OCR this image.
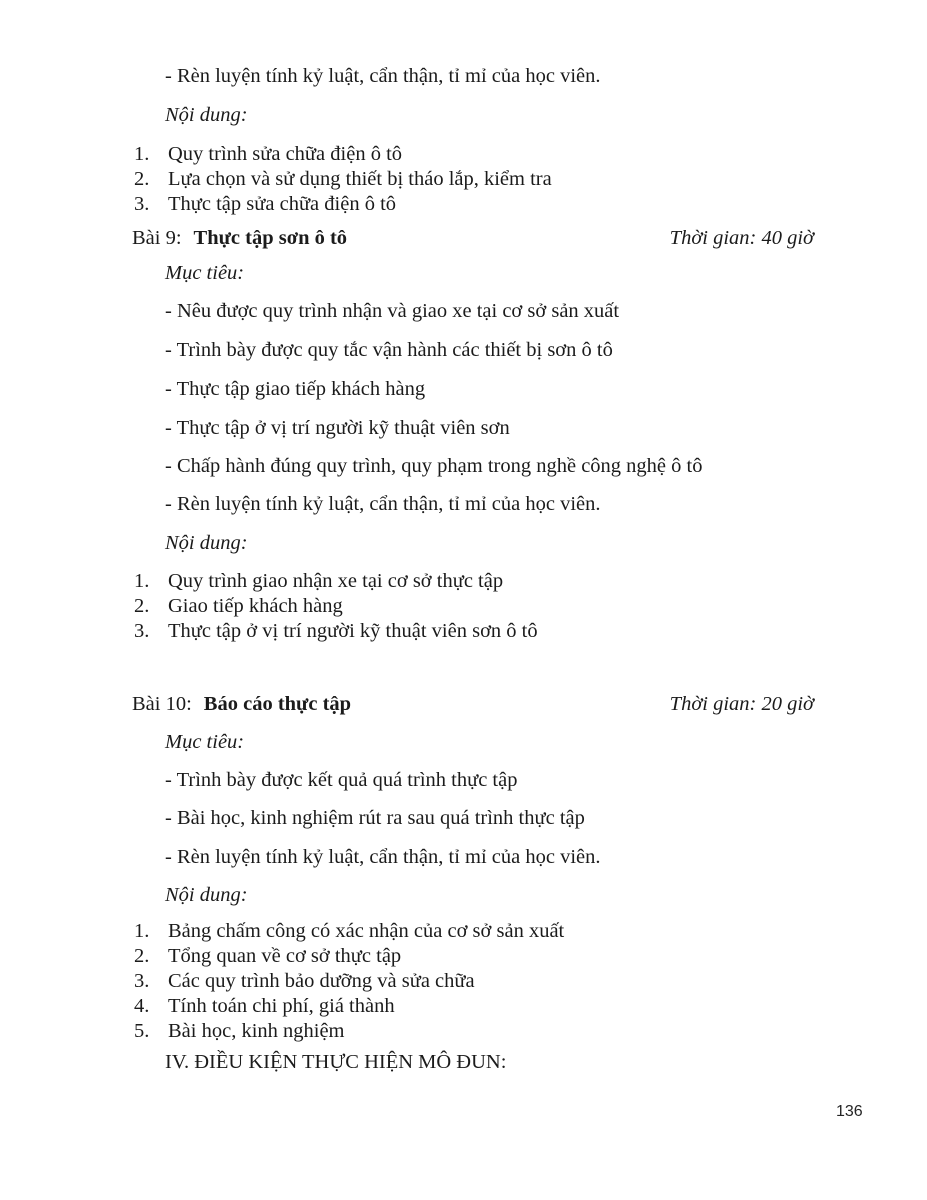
- Rèn luyện tính kỷ luật, cẩn thận, tỉ mỉ của học viên.
Nội dung:
1. Quy trình sửa chữa điện ô tô
2. Lựa chọn và sử dụng thiết bị tháo lắp, kiểm tra
3. Thực tập sửa chữa điện ô tô
Bài 9: Thực tập sơn ô tô	Thời gian: 40 giờ
Mục tiêu:
- Nêu được quy trình nhận và giao xe tại cơ sở sản xuất
- Trình bày được quy tắc vận hành các thiết bị sơn ô tô
- Thực tập giao tiếp khách hàng
- Thực tập ở vị trí người kỹ thuật viên sơn
- Chấp hành đúng quy trình, quy phạm trong nghề công nghệ ô tô
- Rèn luyện tính kỷ luật, cẩn thận, tỉ mỉ của học viên.
Nội dung:
1. Quy trình giao nhận xe tại cơ sở thực tập
2. Giao tiếp khách hàng
3. Thực tập ở vị trí người kỹ thuật viên sơn ô tô
Bài 10: Báo cáo thực tập	Thời gian: 20 giờ
Mục tiêu:
- Trình bày được kết quả quá trình thực tập
- Bài học, kinh nghiệm rút ra sau quá trình thực tập
- Rèn luyện tính kỷ luật, cẩn thận, tỉ mỉ của học viên.
Nội dung:
1. Bảng chấm công có xác nhận của cơ sở sản xuất
2. Tổng quan về cơ sở thực tập
3. Các quy trình bảo dưỡng và sửa chữa
4. Tính toán chi phí, giá thành
5. Bài học, kinh nghiệm
IV. ĐIỀU KIỆN THỰC HIỆN MÔ ĐUN:
136
